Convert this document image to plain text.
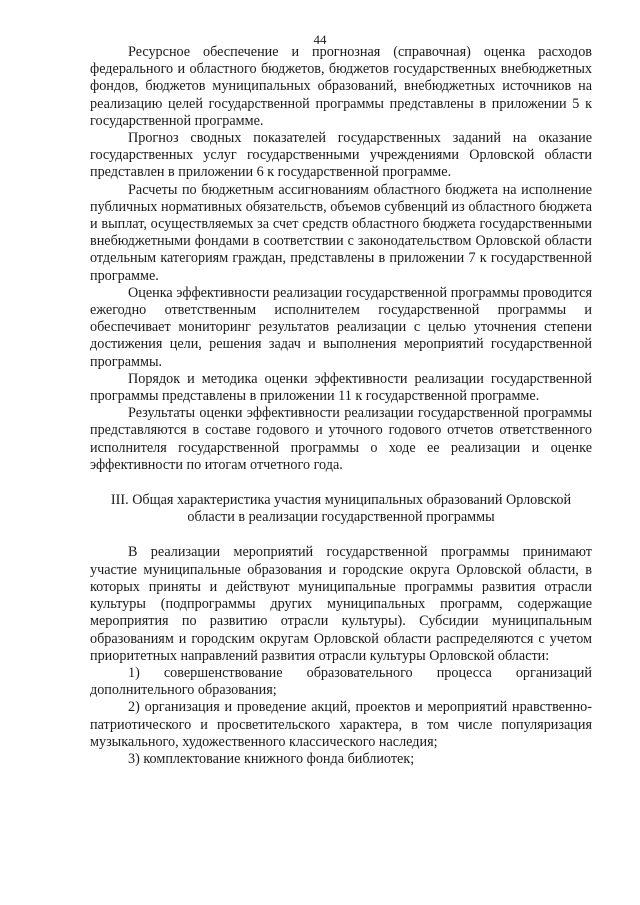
44

Ресурсное обеспечение и прогнозная (справочная) оценка расходов федерального и областного бюджетов, бюджетов государственных внебюджетных фондов, бюджетов муниципальных образований, внебюджетных источников на реализацию целей государственной программы представлены в приложении 5 к государственной программе.

Прогноз сводных показателей государственных заданий на оказание государственных услуг государственными учреждениями Орловской области представлен в приложении 6 к государственной программе.

Расчеты по бюджетным ассигнованиям областного бюджета на исполнение публичных нормативных обязательств, объемов субвенций из областного бюджета и выплат, осуществляемых за счет средств областного бюджета государственными внебюджетными фондами в соответствии с законодательством Орловской области отдельным категориям граждан, представлены в приложении 7 к государственной программе.

Оценка эффективности реализации государственной программы проводится ежегодно ответственным исполнителем государственной программы и обеспечивает мониторинг результатов реализации с целью уточнения степени достижения цели, решения задач и выполнения мероприятий государственной программы.

Порядок и методика оценки эффективности реализации государственной программы представлены в приложении 11 к государственной программе.

Результаты оценки эффективности реализации государственной программы представляются в составе годового и уточного годового отчетов ответственного исполнителя государственной программы о ходе ее реализации и оценке эффективности по итогам отчетного года.

III. Общая характеристика участия муниципальных образований Орловской области в реализации государственной программы

В реализации мероприятий государственной программы принимают участие муниципальные образования и городские округа Орловской области, в которых приняты и действуют муниципальные программы развития отрасли культуры (подпрограммы других муниципальных программ, содержащие мероприятия по развитию отрасли культуры). Субсидии муниципальным образованиям и городским округам Орловской области распределяются с учетом приоритетных направлений развития отрасли культуры Орловской области:

1) совершенствование образовательного процесса организаций дополнительного образования;

2) организация и проведение акций, проектов и мероприятий нравственно-патриотического и просветительского характера, в том числе популяризация музыкального, художественного классического наследия;

3) комплектование книжного фонда библиотек;
